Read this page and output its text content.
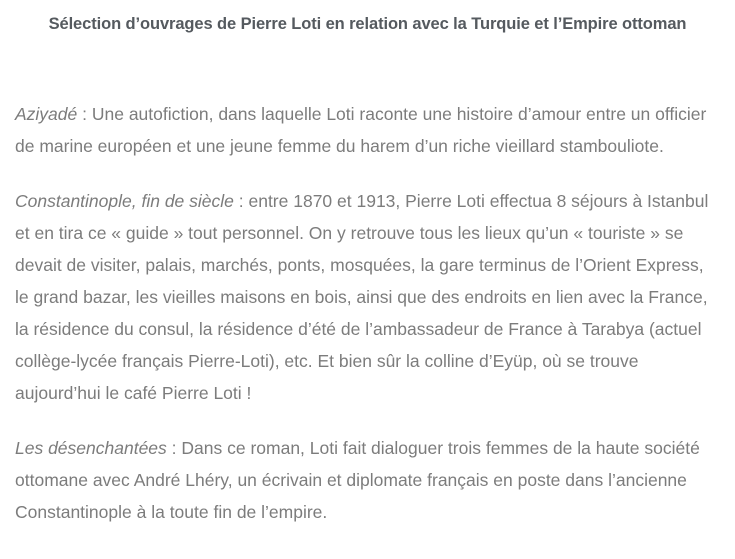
Sélection d’ouvrages de Pierre Loti en relation avec la Turquie et l’Empire ottoman

Aziyadé : Une autofiction, dans laquelle Loti raconte une histoire d’amour entre un officier de marine européen et une jeune femme du harem d’un riche vieillard stambouliote.

Constantinople, fin de siècle : entre 1870 et 1913, Pierre Loti effectua 8 séjours à Istanbul et en tira ce « guide » tout personnel. On y retrouve tous les lieux qu’un « touriste » se devait de visiter, palais, marchés, ponts, mosquées, la gare terminus de l’Orient Express, le grand bazar, les vieilles maisons en bois, ainsi que des endroits en lien avec la France, la résidence du consul, la résidence d’été de l’ambassadeur de France à Tarabya (actuel collège-lycée français Pierre-Loti), etc. Et bien sûr la colline d’Eyüp, où se trouve aujourd’hui le café Pierre Loti !

Les désenchantées : Dans ce roman, Loti fait dialoguer trois femmes de la haute société ottomane avec André Lhéry, un écrivain et diplomate français en poste dans l’ancienne Constantinople à la toute fin de l’empire.
